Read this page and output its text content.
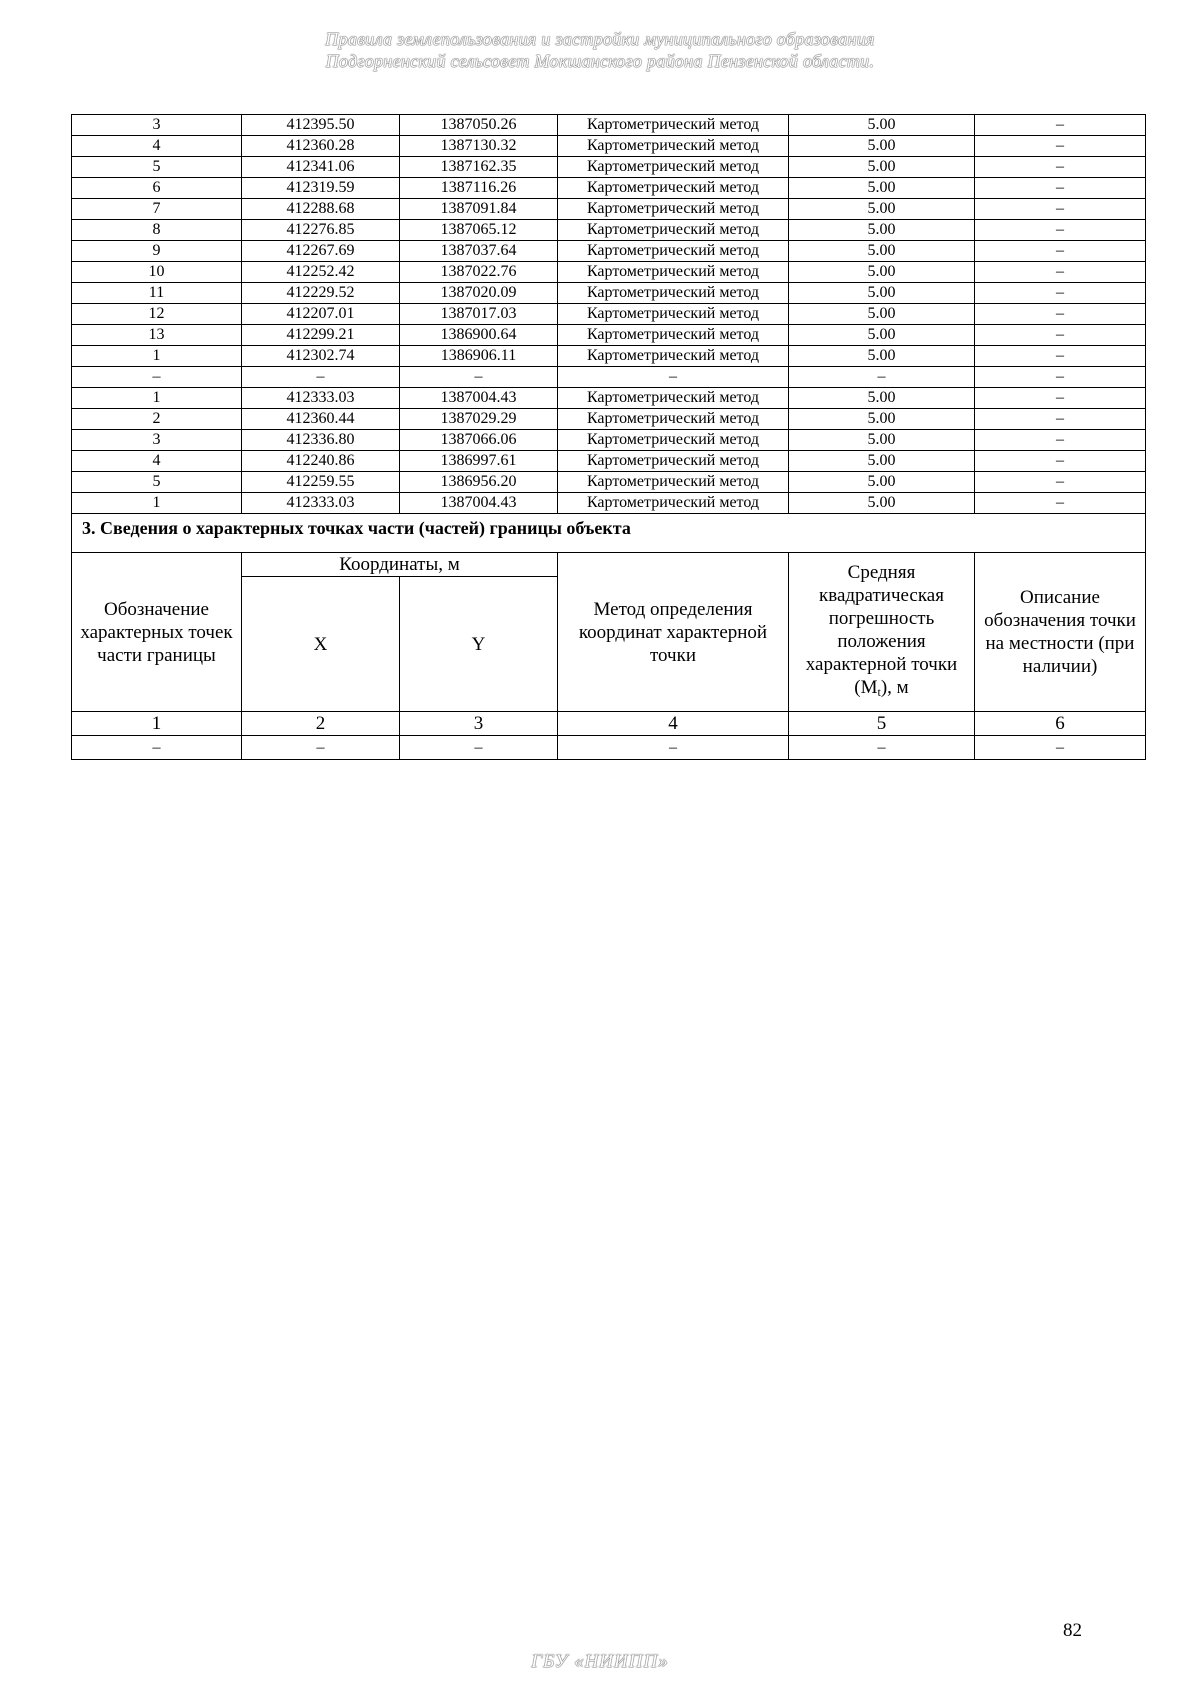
Правила землепользования и застройки муниципального образования
Подгорненский сельсовет Мокшанского района Пензенской области.
3	412395.50	1387050.26	Картометрический метод	5.00	–
4	412360.28	1387130.32	Картометрический метод	5.00	–
5	412341.06	1387162.35	Картометрический метод	5.00	–
6	412319.59	1387116.26	Картометрический метод	5.00	–
7	412288.68	1387091.84	Картометрический метод	5.00	–
8	412276.85	1387065.12	Картометрический метод	5.00	–
9	412267.69	1387037.64	Картометрический метод	5.00	–
10	412252.42	1387022.76	Картометрический метод	5.00	–
11	412229.52	1387020.09	Картометрический метод	5.00	–
12	412207.01	1387017.03	Картометрический метод	5.00	–
13	412299.21	1386900.64	Картометрический метод	5.00	–
1	412302.74	1386906.11	Картометрический метод	5.00	–
–	–	–	–	–	–
1	412333.03	1387004.43	Картометрический метод	5.00	–
2	412360.44	1387029.29	Картометрический метод	5.00	–
3	412336.80	1387066.06	Картометрический метод	5.00	–
4	412240.86	1386997.61	Картометрический метод	5.00	–
5	412259.55	1386956.20	Картометрический метод	5.00	–
1	412333.03	1387004.43	Картометрический метод	5.00	–
3. Сведения о характерных точках части (частей) границы объекта					
Обозначение характерных точек части границы	Координаты, м		Метод определения координат характерной точки	Средняя квадратическая погрешность положения характерной точки $(M_t)$, м	Описание обозначения точки на местности (при наличии)
	X	Y			
1	2	3	4	5	6
–	–	–	–	–	–
82
ГБУ «НИИПП»
